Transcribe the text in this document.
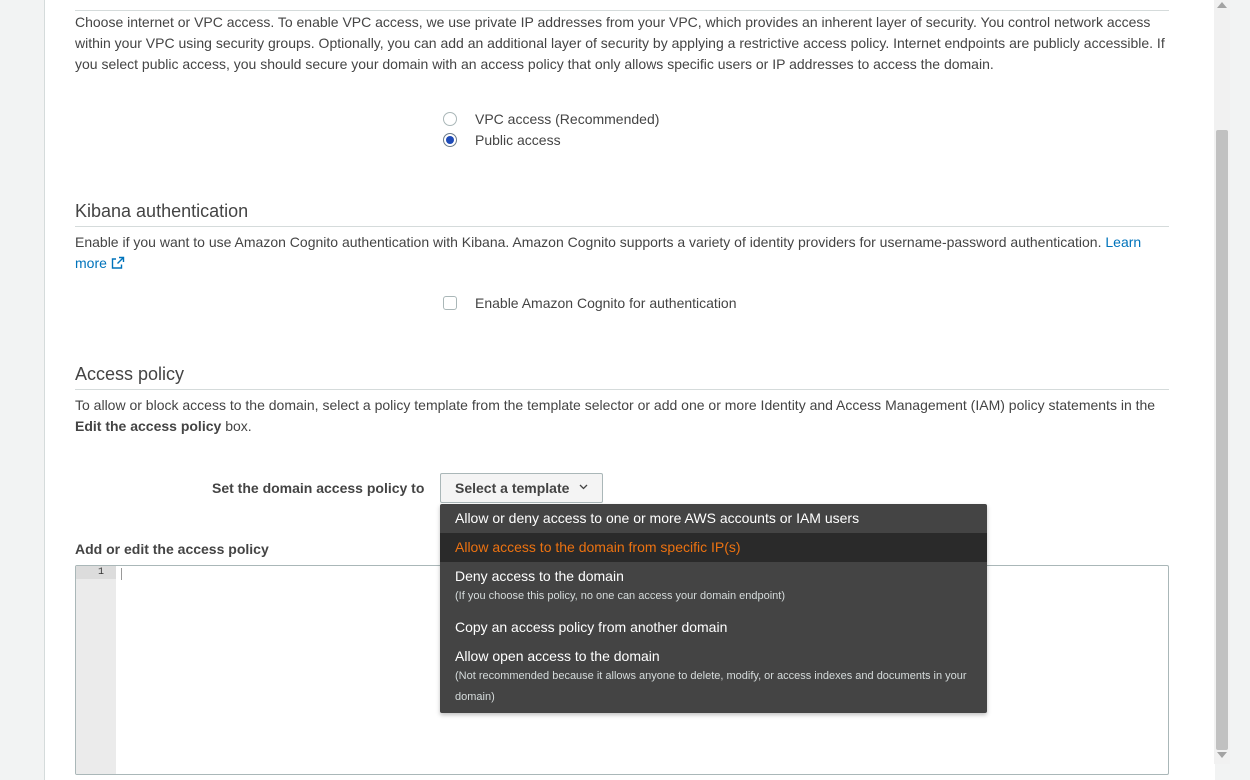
Choose internet or VPC access. To enable VPC access, we use private IP addresses from your VPC, which provides an inherent layer of security. You control network access within your VPC using security groups. Optionally, you can add an additional layer of security by applying a restrictive access policy. Internet endpoints are publicly accessible. If you select public access, you should secure your domain with an access policy that only allows specific users or IP addresses to access the domain.
VPC access (Recommended)
Public access
Kibana authentication
Enable if you want to use Amazon Cognito authentication with Kibana. Amazon Cognito supports a variety of identity providers for username-password authentication. Learn more
Enable Amazon Cognito for authentication
Access policy
To allow or block access to the domain, select a policy template from the template selector or add one or more Identity and Access Management (IAM) policy statements in the Edit the access policy box.
Set the domain access policy to	Select a template
Add or edit the access policy
1
Allow or deny access to one or more AWS accounts or IAM users
Allow access to the domain from specific IP(s)
Deny access to the domain
(If you choose this policy, no one can access your domain endpoint)
Copy an access policy from another domain
Allow open access to the domain
(Not recommended because it allows anyone to delete, modify, or access indexes and documents in your domain)
